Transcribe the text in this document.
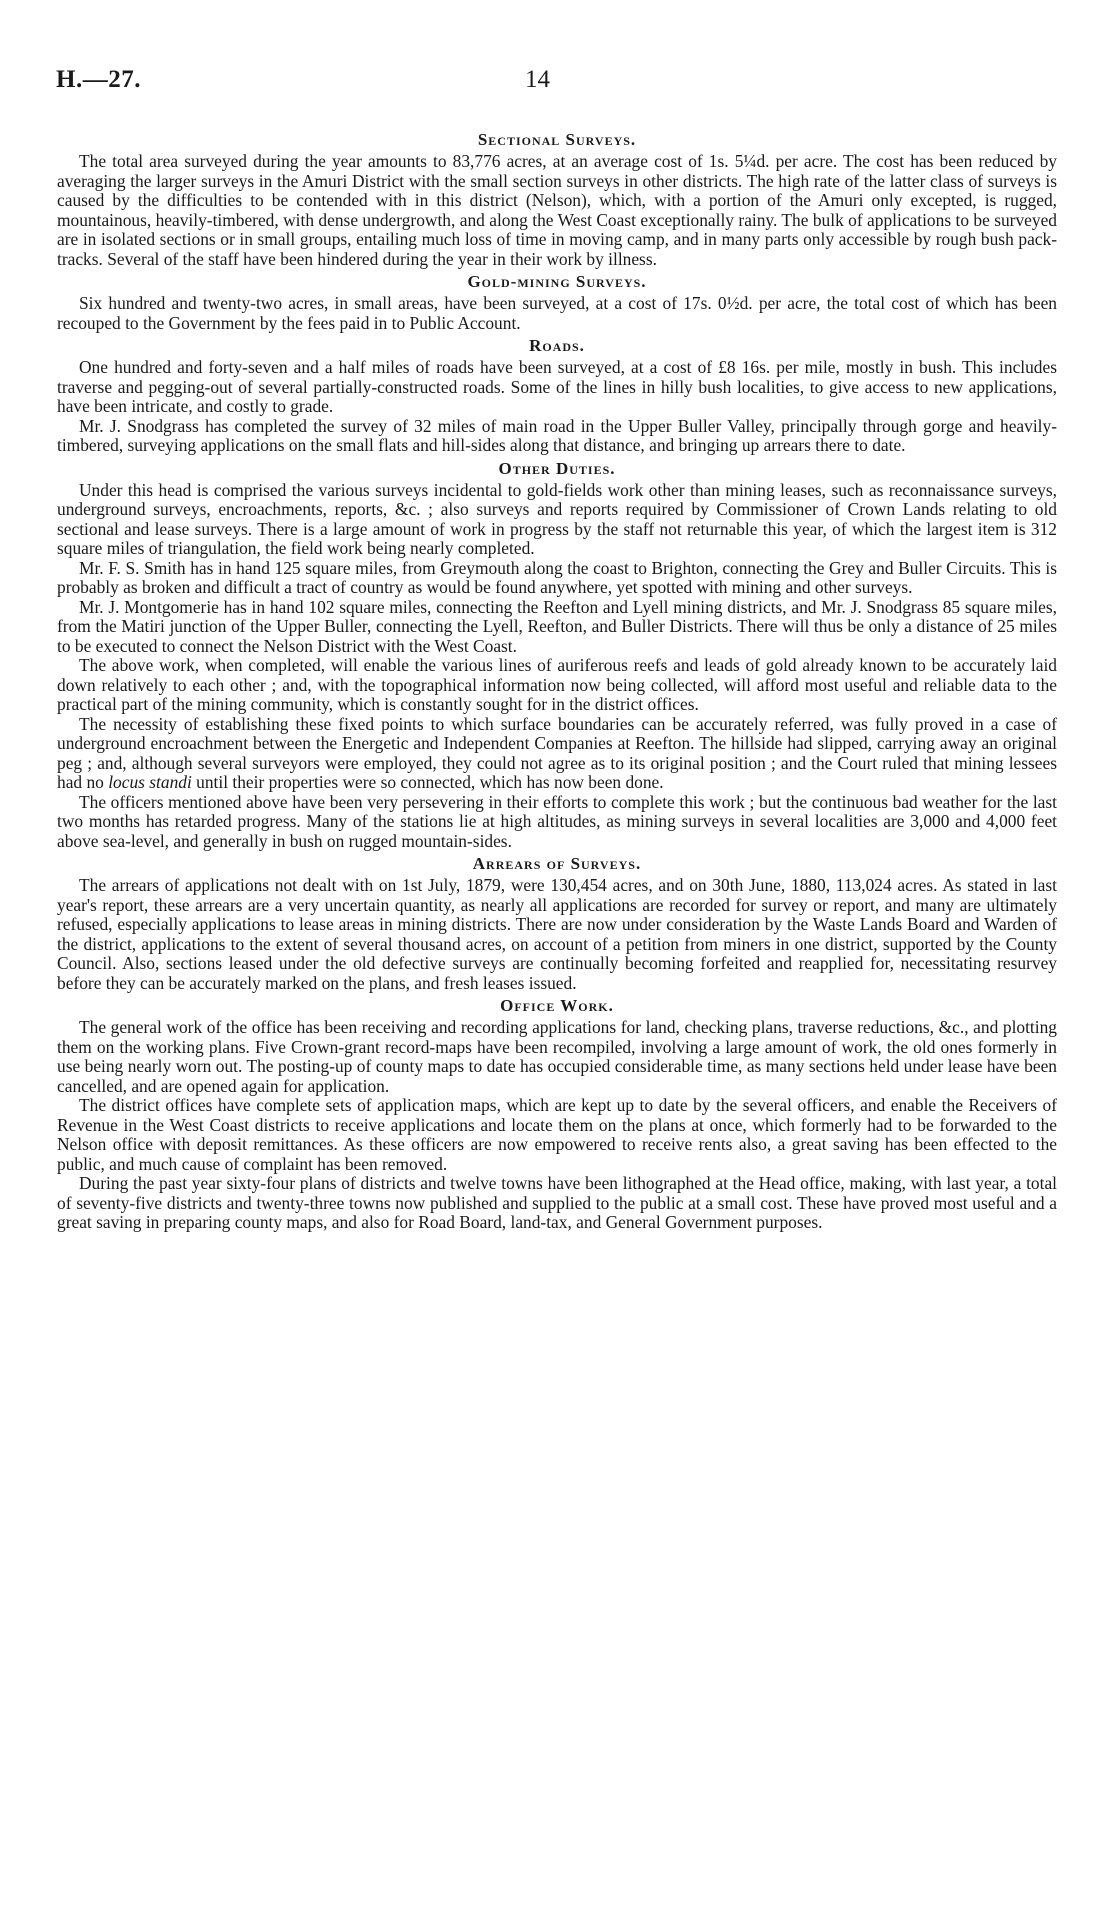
H.—27.	14
Sectional Surveys.

The total area surveyed during the year amounts to 83,776 acres, at an average cost of 1s. 5¼d. per acre. The cost has been reduced by averaging the larger surveys in the Amuri District with the small section surveys in other districts. The high rate of the latter class of surveys is caused by the difficulties to be contended with in this district (Nelson), which, with a portion of the Amuri only excepted, is rugged, mountainous, heavily-timbered, with dense undergrowth, and along the West Coast exceptionally rainy. The bulk of applications to be surveyed are in isolated sections or in small groups, entailing much loss of time in moving camp, and in many parts only accessible by rough bush pack-tracks. Several of the staff have been hindered during the year in their work by illness.

Gold-mining Surveys.

Six hundred and twenty-two acres, in small areas, have been surveyed, at a cost of 17s. 0½d. per acre, the total cost of which has been recouped to the Government by the fees paid in to Public Account.

Roads.

One hundred and forty-seven and a half miles of roads have been surveyed, at a cost of £8 16s. per mile, mostly in bush. This includes traverse and pegging-out of several partially-constructed roads. Some of the lines in hilly bush localities, to give access to new applications, have been intricate, and costly to grade.

Mr. J. Snodgrass has completed the survey of 32 miles of main road in the Upper Buller Valley, principally through gorge and heavily-timbered, surveying applications on the small flats and hill-sides along that distance, and bringing up arrears there to date.

Other Duties.

Under this head is comprised the various surveys incidental to gold-fields work other than mining leases, such as reconnaissance surveys, underground surveys, encroachments, reports, &c. ; also surveys and reports required by Commissioner of Crown Lands relating to old sectional and lease surveys. There is a large amount of work in progress by the staff not returnable this year, of which the largest item is 312 square miles of triangulation, the field work being nearly completed.

Mr. F. S. Smith has in hand 125 square miles, from Greymouth along the coast to Brighton, connecting the Grey and Buller Circuits. This is probably as broken and difficult a tract of country as would be found anywhere, yet spotted with mining and other surveys.

Mr. J. Montgomerie has in hand 102 square miles, connecting the Reefton and Lyell mining districts, and Mr. J. Snodgrass 85 square miles, from the Matiri junction of the Upper Buller, connecting the Lyell, Reefton, and Buller Districts. There will thus be only a distance of 25 miles to be executed to connect the Nelson District with the West Coast.

The above work, when completed, will enable the various lines of auriferous reefs and leads of gold already known to be accurately laid down relatively to each other ; and, with the topographical information now being collected, will afford most useful and reliable data to the practical part of the mining community, which is constantly sought for in the district offices.

The necessity of establishing these fixed points to which surface boundaries can be accurately referred, was fully proved in a case of underground encroachment between the Energetic and Independent Companies at Reefton. The hillside had slipped, carrying away an original peg ; and, although several surveyors were employed, they could not agree as to its original position ; and the Court ruled that mining lessees had no locus standi until their properties were so connected, which has now been done.

The officers mentioned above have been very persevering in their efforts to complete this work ; but the continuous bad weather for the last two months has retarded progress. Many of the stations lie at high altitudes, as mining surveys in several localities are 3,000 and 4,000 feet above sea-level, and generally in bush on rugged mountain-sides.

Arrears of Surveys.

The arrears of applications not dealt with on 1st July, 1879, were 130,454 acres, and on 30th June, 1880, 113,024 acres. As stated in last year's report, these arrears are a very uncertain quantity, as nearly all applications are recorded for survey or report, and many are ultimately refused, especially applications to lease areas in mining districts. There are now under consideration by the Waste Lands Board and Warden of the district, applications to the extent of several thousand acres, on account of a petition from miners in one district, supported by the County Council. Also, sections leased under the old defective surveys are continually becoming forfeited and reapplied for, necessitating resurvey before they can be accurately marked on the plans, and fresh leases issued.

Office Work.

The general work of the office has been receiving and recording applications for land, checking plans, traverse reductions, &c., and plotting them on the working plans. Five Crown-grant record-maps have been recompiled, involving a large amount of work, the old ones formerly in use being nearly worn out. The posting-up of county maps to date has occupied considerable time, as many sections held under lease have been cancelled, and are opened again for application.

The district offices have complete sets of application maps, which are kept up to date by the several officers, and enable the Receivers of Revenue in the West Coast districts to receive applications and locate them on the plans at once, which formerly had to be forwarded to the Nelson office with deposit remittances. As these officers are now empowered to receive rents also, a great saving has been effected to the public, and much cause of complaint has been removed.

During the past year sixty-four plans of districts and twelve towns have been lithographed at the Head office, making, with last year, a total of seventy-five districts and twenty-three towns now published and supplied to the public at a small cost. These have proved most useful and a great saving in preparing county maps, and also for Road Board, land-tax, and General Government purposes.
